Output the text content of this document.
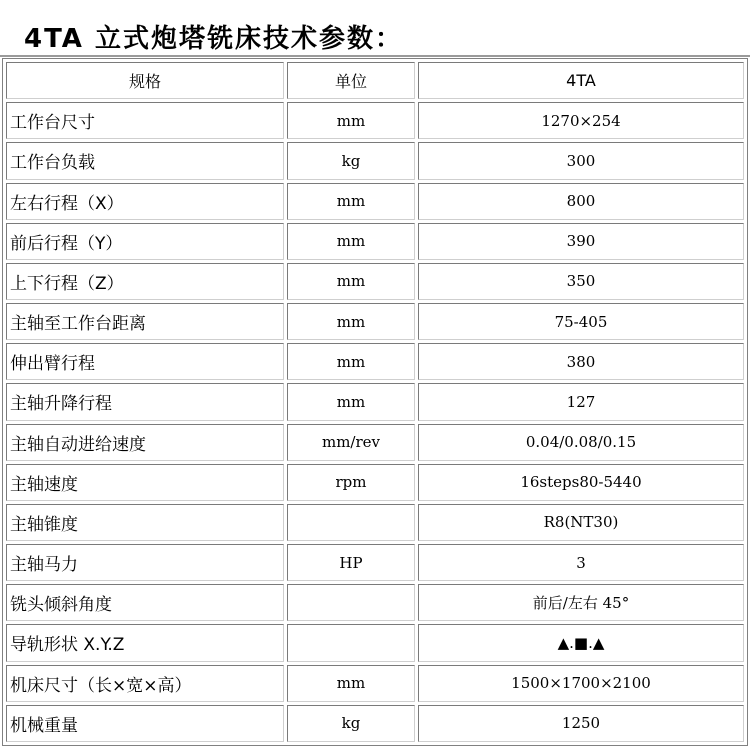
4TA 立式炮塔铣床技术参数：
规格	单位	4TA
工作台尺寸	mm	1270×254
工作台负载	kg	300
左右行程（X）	mm	800
前后行程（Y）	mm	390
上下行程（Z）	mm	350
主轴至工作台距离	mm	75-405
伸出臂行程	mm	380
主轴升降行程	mm	127
主轴自动进给速度	mm/rev	0.04/0.08/0.15
主轴速度	rpm	16steps80-5440
主轴锥度		R8(NT30)
主轴马力	HP	3
铣头倾斜角度		前后/左右 45°
导轨形状 X.Y.Z		▲.■.▲
机床尺寸（长×宽×高）	mm	1500×1700×2100
机械重量	kg	1250
